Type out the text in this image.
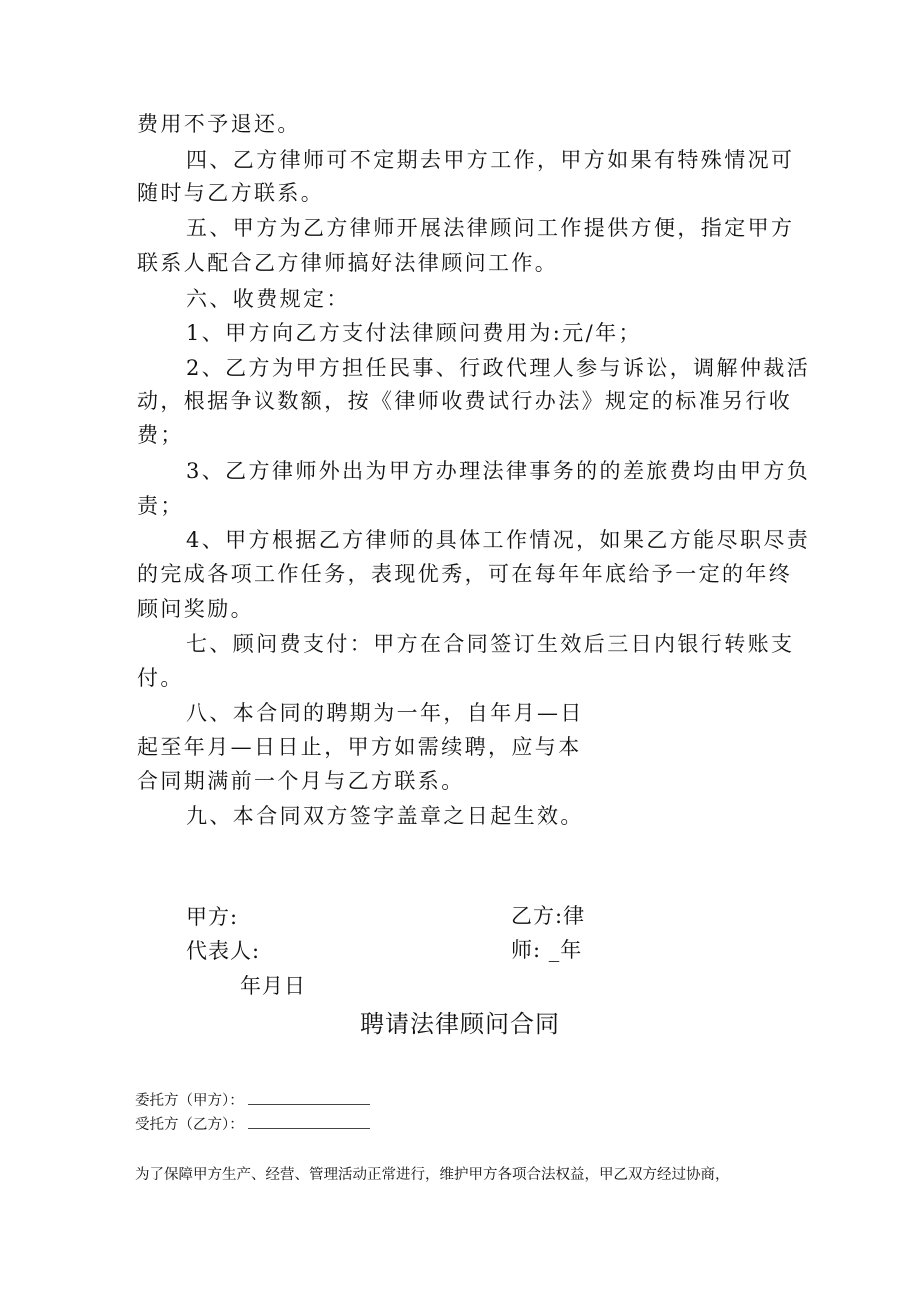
费用不予退还。
四、乙方律师可不定期去甲方工作，甲方如果有特殊情况可
随时与乙方联系。
五、甲方为乙方律师开展法律顾问工作提供方便，指定甲方
联系人配合乙方律师搞好法律顾问工作。
六、收费规定：
1、甲方向乙方支付法律顾问费用为:元/年；
2、乙方为甲方担任民事、行政代理人参与诉讼，调解仲裁活
动，根据争议数额，按《律师收费试行办法》规定的标准另行收
费；
3、乙方律师外出为甲方办理法律事务的的差旅费均由甲方负
责；
4、甲方根据乙方律师的具体工作情况，如果乙方能尽职尽责
的完成各项工作任务，表现优秀，可在每年年底给予一定的年终
顾问奖励。
七、顾问费支付：甲方在合同签订生效后三日内银行转账支
付。
八、本合同的聘期为一年，自年月—日
起至年月—日日止，甲方如需续聘，应与本
合同期满前一个月与乙方联系。
九、本合同双方签字盖章之日起生效。
甲方:	乙方:律
代表人:	师: _年
年月日
聘请法律顾问合同
委托方（甲方）：
受托方（乙方）：
为了保障甲方生产、经营、管理活动正常进行，维护甲方各项合法权益，甲乙双方经过协商，
